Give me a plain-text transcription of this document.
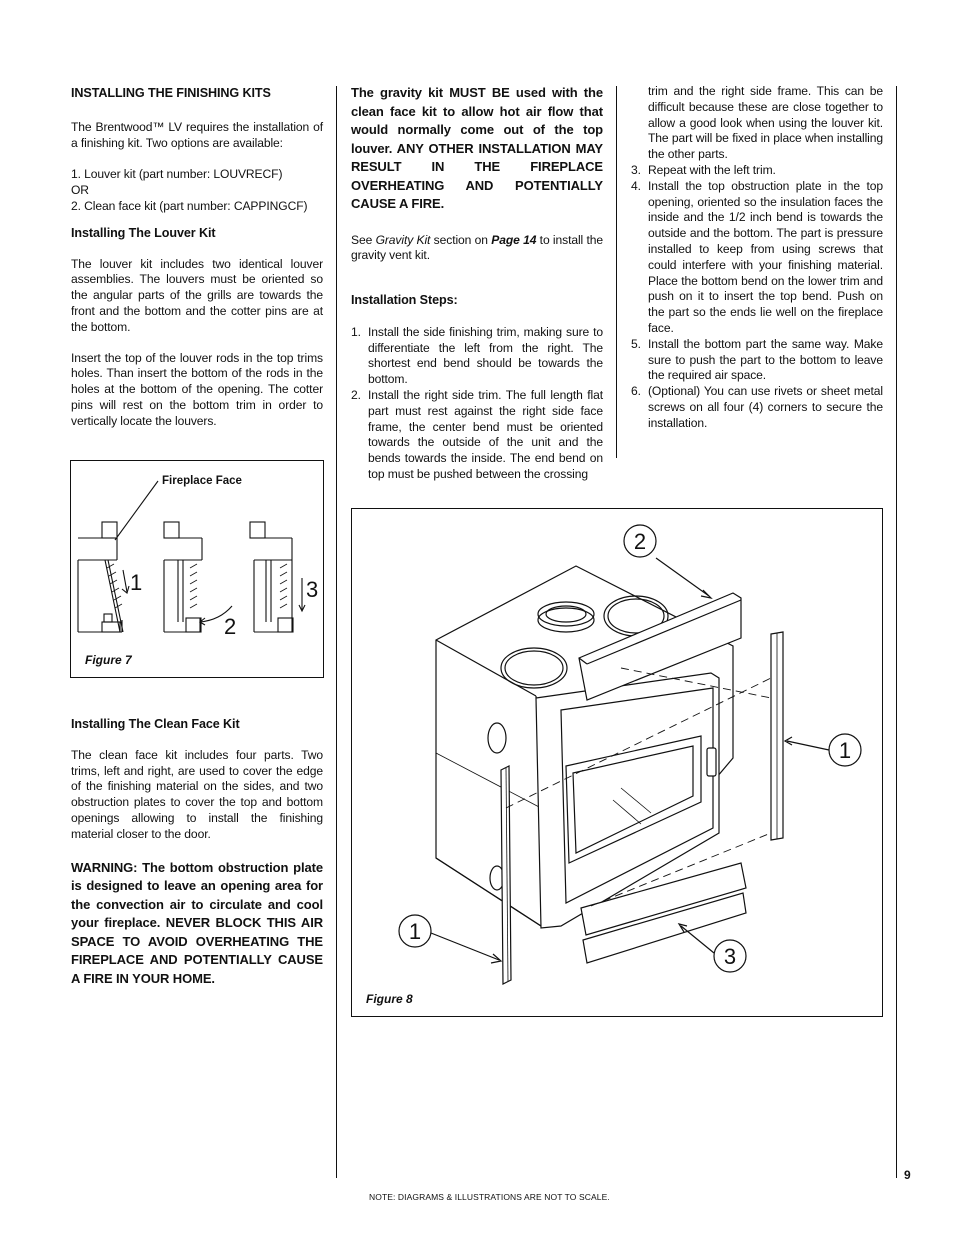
INSTALLING THE FINISHING KITS

The Brentwood™ LV requires the installation of a finishing kit. Two options are available:

1. Louver kit (part number: LOUVRECF)

OR

2. Clean face kit (part number: CAPPINGCF)

Installing The Louver Kit

The louver kit includes two identical louver assemblies. The louvers must be oriented so the angular parts of the grills are towards the front and the bottom and the cotter pins are at the bottom.

Insert the top of the louver rods in the top trims holes. Than insert the bottom of the rods in the holes at the bottom of the opening. The cotter pins will rest on the bottom trim in order to vertically locate the louvers.

Fireplace Face
1
2
3
Figure 7

Installing The Clean Face Kit

The clean face kit includes four parts. Two trims, left and right, are used to cover the edge of the finishing material on the sides, and two obstruction plates to cover the top and bottom openings allowing to install the finishing material closer to the door.

WARNING: The bottom obstruction plate is designed to leave an opening area for the convection air to circulate and cool your fireplace. NEVER BLOCK THIS AIR SPACE TO AVOID OVERHEATING THE FIREPLACE AND POTENTIALLY CAUSE A FIRE IN YOUR HOME.

The gravity kit MUST BE used with the clean face kit to allow hot air flow that would normally come out of the top louver. ANY OTHER INSTALLATION MAY RESULT IN THE FIREPLACE OVERHEATING AND POTENTIALLY CAUSE A FIRE.

See Gravity Kit section on Page 14 to install the gravity vent kit.

Installation Steps:

1. Install the side finishing trim, making sure to differentiate the left from the right. The shortest end bend should be towards the bottom.
2. Install the right side trim. The full length flat part must rest against the right side face frame, the center bend must be oriented towards the outside of the unit and the bends towards the inside. The end bend on top must be pushed between the crossing

trim and the right side frame. This can be difficult because these are close together to allow a good look when using the louver kit. The part will be fixed in place when installing the other parts.

3. Repeat with the left trim.
4. Install the top obstruction plate in the top opening, oriented so the insulation faces the inside and the 1/2 inch bend is towards the outside and the bottom. The part is pressure installed to keep from using screws that could interfere with your finishing material. Place the bottom bend on the lower trim and push on it to insert the top bend. Push on the part so the ends lie well on the fireplace face.
5. Install the bottom part the same way. Make sure to push the part to the bottom to leave the required air space.
6. (Optional) You can use rivets or sheet metal screws on all four (4) corners to secure the installation.
2
1
1
3
Figure 8
9
NOTE: DIAGRAMS & ILLUSTRATIONS ARE NOT TO SCALE.
